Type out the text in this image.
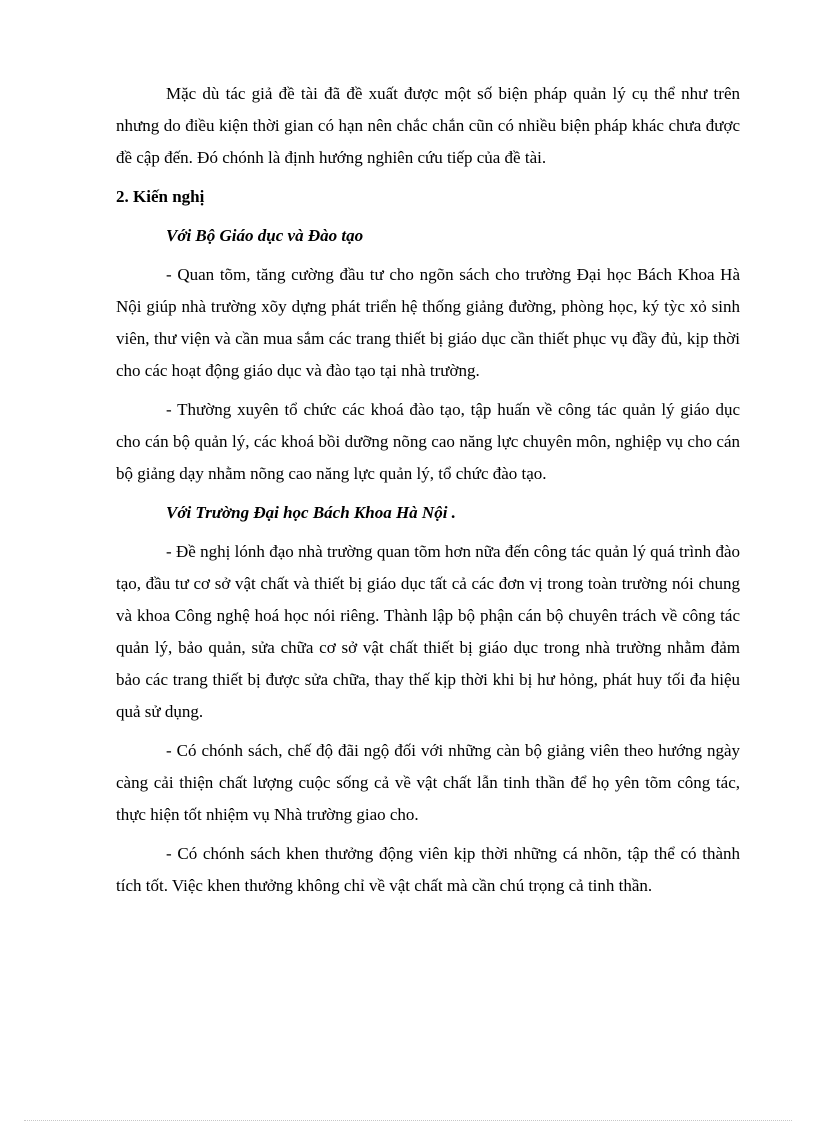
Mặc dù tác giả đề tài đã đề xuất được một số biện pháp quản lý cụ thể như trên nhưng do điều kiện thời gian có hạn nên chắc chắn cũn có nhiều biện pháp khác chưa được đề cập đến. Đó chónh là định hướng nghiên cứu tiếp của đề tài.

2. Kiến nghị

Với Bộ Giáo dục và Đào tạo

- Quan tõm, tăng cường đầu tư cho ngõn sách cho trường Đại học Bách Khoa Hà Nội giúp nhà trường xõy dựng phát triển hệ thống giảng đường, phòng học, ký tỳc xỏ sinh viên, thư viện và cần mua sắm các trang thiết bị giáo dục cần thiết phục vụ đầy đủ, kịp thời cho các hoạt động giáo dục và đào tạo tại nhà trường.

- Thường xuyên tổ chức các khoá đào tạo, tập huấn về công tác quản lý giáo dục cho cán bộ quản lý, các khoá bồi dưỡng nõng cao năng lực chuyên môn, nghiệp vụ cho cán bộ giảng dạy nhằm nõng cao năng lực quản lý, tổ chức đào tạo.

Với Trường Đại học Bách Khoa Hà Nội .

- Đề nghị lónh đạo nhà trường quan tõm hơn nữa đến công tác quản lý quá trình đào tạo, đầu tư cơ sở vật chất và thiết bị giáo dục tất cả các đơn vị trong toàn trường nói chung và khoa Công nghệ hoá học nói riêng. Thành lập bộ phận cán bộ chuyên trách về công tác quản lý, bảo quản, sửa chữa cơ sở vật chất thiết bị giáo dục trong nhà trường nhằm đảm bảo các trang thiết bị được sửa chữa, thay thế kịp thời khi bị hư hỏng, phát huy tối đa hiệu quả sử dụng.

- Có chónh sách, chế độ đãi ngộ đối với những càn bộ giảng viên theo hướng ngày càng cải thiện chất lượng cuộc sống cả về vật chất lẫn tinh thần để họ yên tõm công tác, thực hiện tốt nhiệm vụ Nhà trường giao cho.

- Có chónh sách khen thưởng động viên kịp thời những cá nhõn, tập thể có thành tích tốt. Việc khen thưởng không chỉ về vật chất mà cần chú trọng cả tinh thần.
